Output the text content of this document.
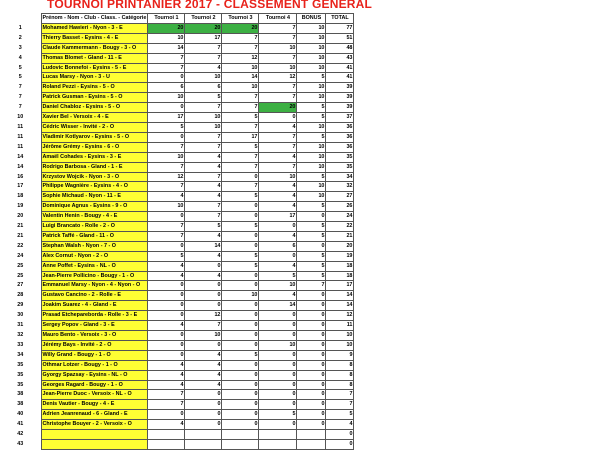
TOURNOI PRINTANIER 2017 - CLASSEMENT GENERAL
	Prénom - Nom - Club - Class. - Catégorie	Tournoi 1	Tournoi 2	Tournoi 3	Tournoi 4	BONUS	TOTAL
1	Mohamed Hawieri - Nyon - 3 - E	20	20	20	7	10	77
2	Thierry Basset - Eysins - 4 - E	10	17	7	7	10	51
3	Claude Kammermann - Bougy - 3 - O	14	7	7	10	10	48
4	Thomas Blomet - Gland - 11 - E	7	7	12	7	10	43
5	Ludovic Bonnefoi - Eysins - 5 - E	7	4	10	10	10	41
5	Lucas Marsy - Nyon - 3 - U	0	10	14	12	5	41
7	Roland Pezzi - Eysins - 5 - O	6	6	10	7	10	39
7	Patrick Gusman - Eysins - 5 - O	10	5	7	7	10	39
7	Daniel Chabloz - Eysins - 5 - O	0	7	7	20	5	39
10	Xavier Bel - Versoix - 4 - E	17	10	5	0	5	37
11	Cédric Wisser - Invité - 2 - O	5	10	7	4	10	36
11	Vladimir Kotlyarov - Eysins - 5 - O	0	7	17	7	5	36
11	Jérôme Grémy - Eysins - 6 - O	7	7	5	7	10	36
14	Amaël Cohades - Eysins - 3 - E	10	4	7	4	10	35
14	Rodrigo Barbosa - Gland - 1 - E	7	4	7	7	10	35
16	Krzystov Wojcik - Nyon - 3 - O	12	7	0	10	5	34
17	Philippe Wagnière - Eysins - 4 - O	7	4	7	4	10	32
18	Sophie Michaud - Nyon - 11 - E	4	4	5	4	10	27
19	Dominique Agnus - Eysins - 9 - O	10	7	0	4	5	26
20	Valentin Henin - Bougy - 4 - E	0	7	0	17	0	24
21	Luigi Brancato - Rolle - 2 - O	7	5	5	0	5	22
21	Patrick Taffé - Gland - 11 - O	7	4	0	4	5	21
22	Stephan Walsh - Nyon - 7 - O	0	14	0	6	0	20
24	Alex Cornut - Nyon - 2 - O	5	4	5	0	5	19
25	Anne Poffet - Eysins - NL - O	4	0	5	4	5	18
25	Jean-Pierre Pollicino - Bougy - 1 - O	4	4	0	5	5	18
27	Emmanuel Marsy - Nyon - 4 - Nyon - O	0	0	0	10	7	17
28	Gustavo Cancino - 2 - Rolle - E	0	0	10	4	0	14
29	Joakim Suarez - 4 - Gland - E	0	0	0	14	0	14
30	Prasad Etchepareborda - Rolle - 3 - E	0	12	0	0	0	12
31	Sergey Popov - Gland - 3 - E	4	7	0	0	0	11
32	Mauro Bento - Versoix - 3 - O	0	10	0	0	0	10
33	Jérémy Bays - Invité - 2 - O	0	0	0	10	0	10
34	Willy Grand - Bougy - 1 - O	0	4	5	0	0	9
35	Othmar Lotzer - Bougy - 1 - O	4	4	0	0	0	8
35	Gyorgy Spazsay - Eysins - NL - O	4	4	0	0	0	8
35	Georges Ragard - Bougy - 1 - O	4	4	0	0	0	8
38	Jean-Pierre Duoc - Versoix - NL - O	7	0	0	0	0	7
38	Denis Vautier - Bougy - 4 - E	7	0	0	0	0	7
40	Adrien Jeanrenaud - 6 - Gland - E	0	0	0	5	0	5
41	Christophe Bouyer - 2 - Versoix - O	4	0	0	0	0	4
42							0
43							0
